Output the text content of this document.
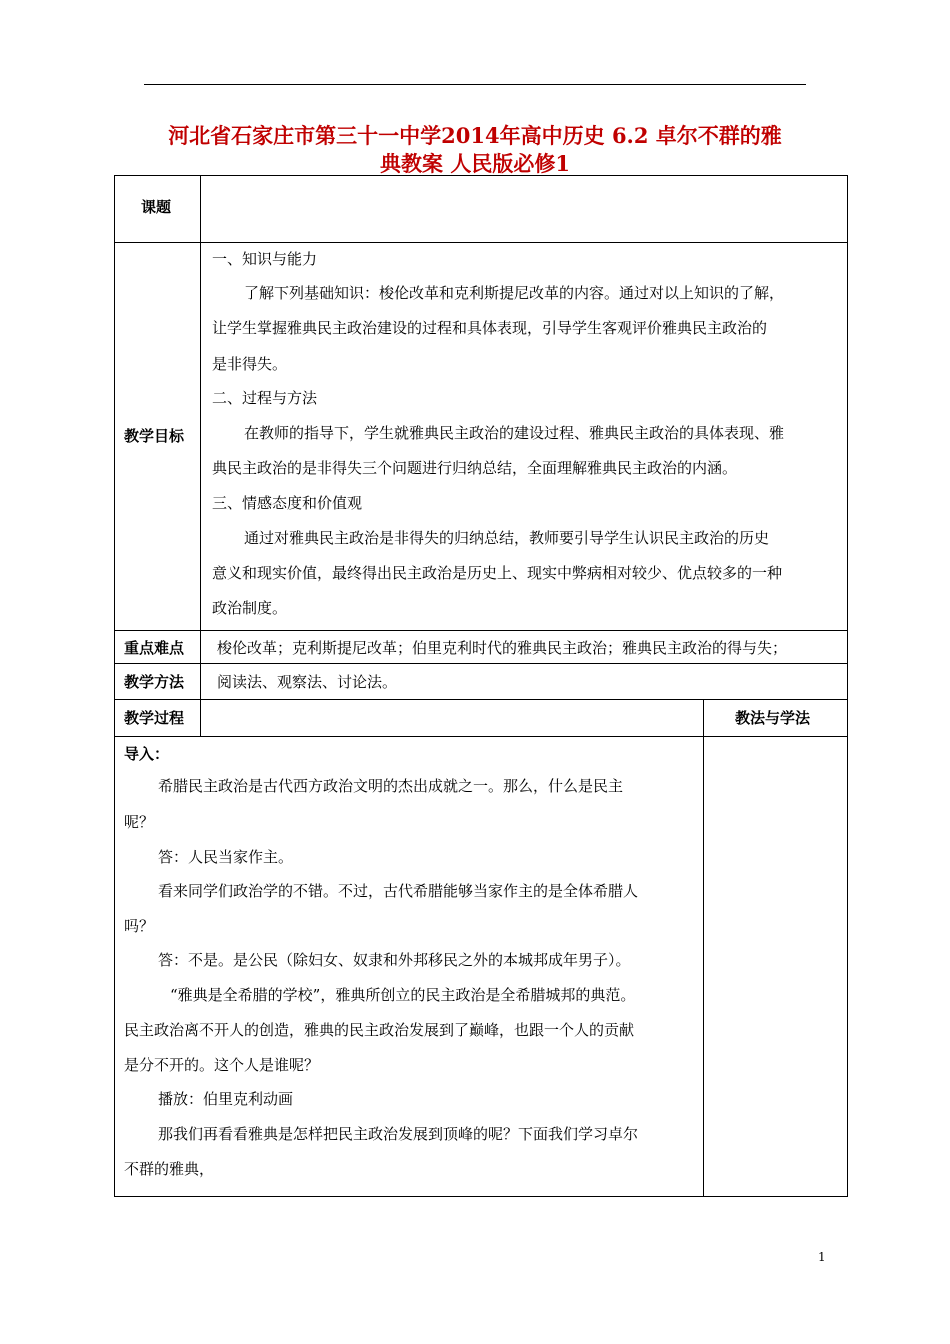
河北省石家庄市第三十一中学2014年高中历史 6.2 卓尔不群的雅
典教案 人民版必修1
课题
教学目标
一、知识与能力
了解下列基础知识：梭伦改革和克利斯提尼改革的内容。通过对以上知识的了解，
让学生掌握雅典民主政治建设的过程和具体表现，引导学生客观评价雅典民主政治的
是非得失。
二、过程与方法
在教师的指导下，学生就雅典民主政治的建设过程、雅典民主政治的具体表现、雅
典民主政治的是非得失三个问题进行归纳总结，全面理解雅典民主政治的内涵。
三、情感态度和价值观
通过对雅典民主政治是非得失的归纳总结，教师要引导学生认识民主政治的历史
意义和现实价值，最终得出民主政治是历史上、现实中弊病相对较少、优点较多的一种
政治制度。
重点难点 梭伦改革；克利斯提尼改革；伯里克利时代的雅典民主政治；雅典民主政治的得与失；
教学方法 阅读法、观察法、讨论法。
教学过程	教法与学法
导入：
希腊民主政治是古代西方政治文明的杰出成就之一。那么，什么是民主
呢？
答：人民当家作主。
看来同学们政治学的不错。不过，古代希腊能够当家作主的是全体希腊人
吗？
答：不是。是公民（除妇女、奴隶和外邦移民之外的本城邦成年男子）。
“雅典是全希腊的学校”，雅典所创立的民主政治是全希腊城邦的典范。
民主政治离不开人的创造，雅典的民主政治发展到了巅峰，也跟一个人的贡献
是分不开的。这个人是谁呢？
播放：伯里克利动画
那我们再看看雅典是怎样把民主政治发展到顶峰的呢？下面我们学习卓尔
不群的雅典，
1
